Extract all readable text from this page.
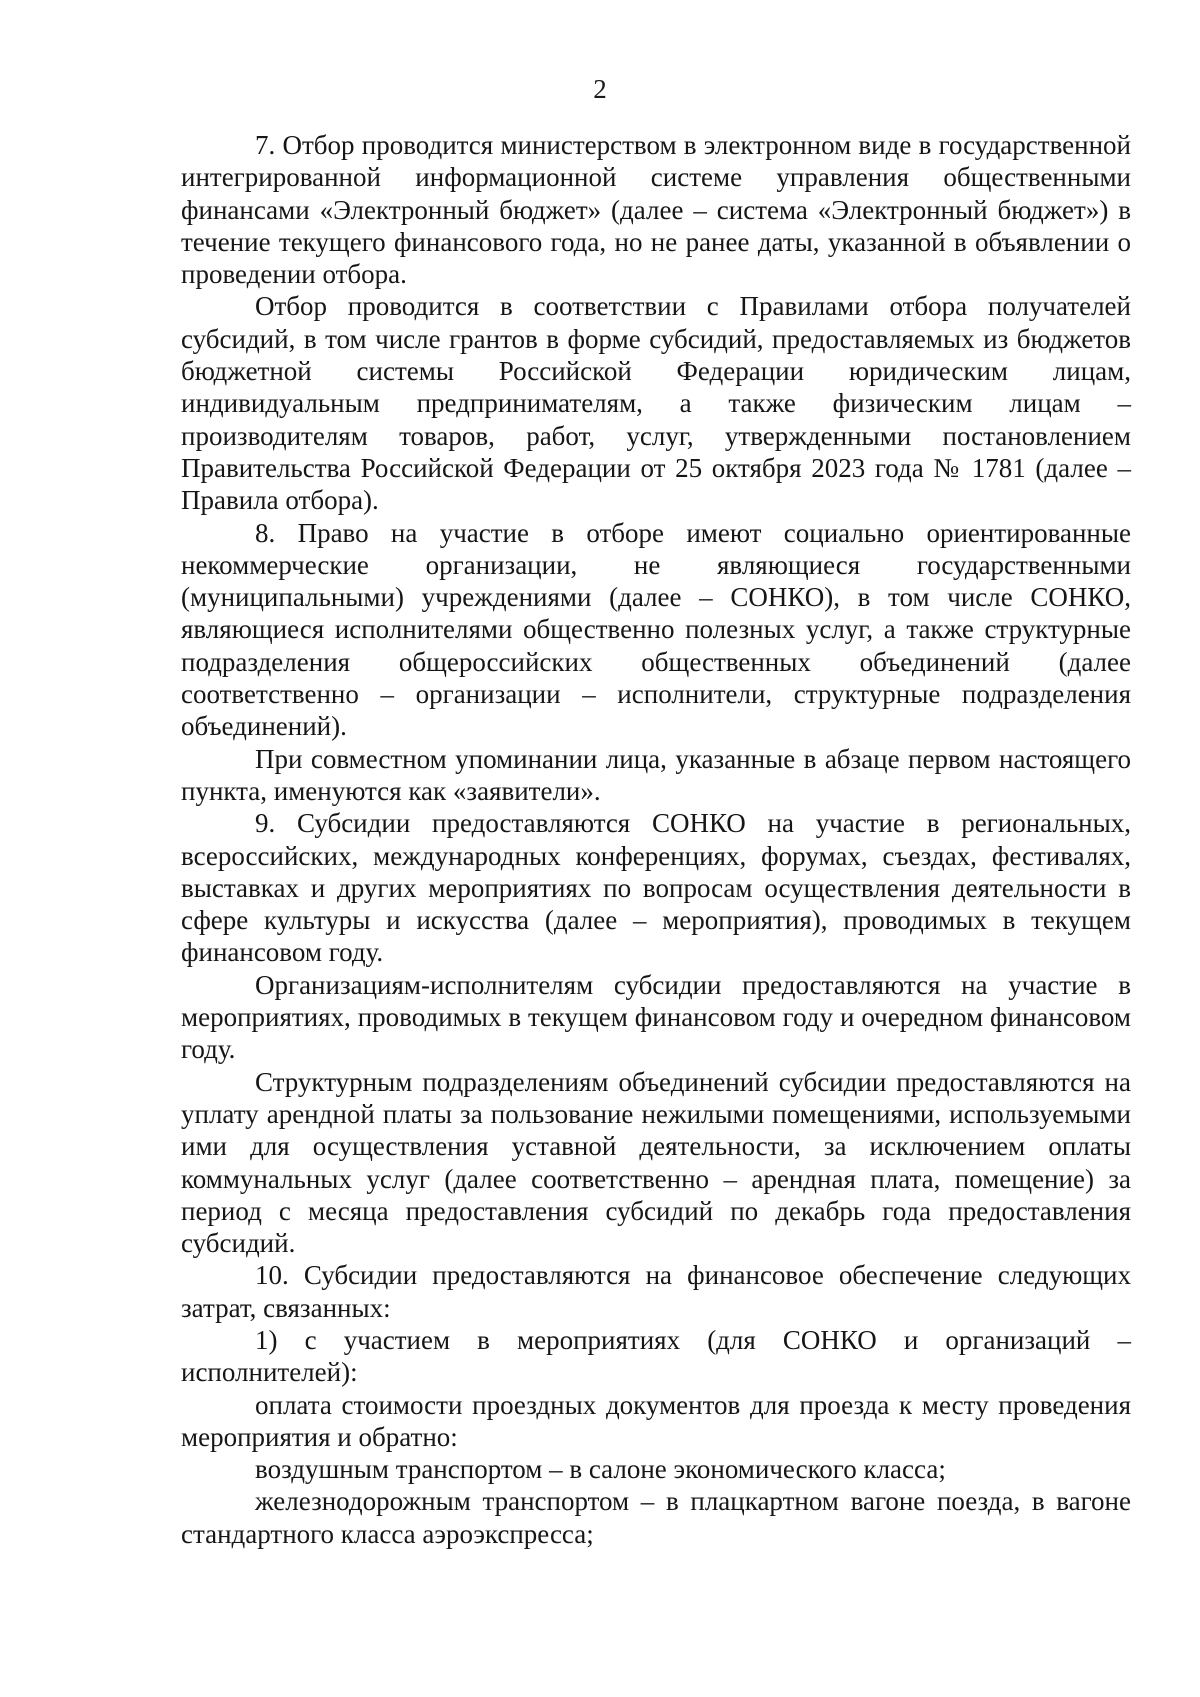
2

7. Отбор проводится министерством в электронном виде в государственной интегрированной информационной системе управления общественными финансами «Электронный бюджет» (далее – система «Электронный бюджет») в течение текущего финансового года, но не ранее даты, указанной в объявлении о проведении отбора.

Отбор проводится в соответствии с Правилами отбора получателей субсидий, в том числе грантов в форме субсидий, предоставляемых из бюджетов бюджетной системы Российской Федерации юридическим лицам, индивидуальным предпринимателям, а также физическим лицам – производителям товаров, работ, услуг, утвержденными постановлением Правительства Российской Федерации от 25 октября 2023 года № 1781 (далее – Правила отбора).

8. Право на участие в отборе имеют социально ориентированные некоммерческие организации, не являющиеся государственными (муниципальными) учреждениями (далее – СОНКО), в том числе СОНКО, являющиеся исполнителями общественно полезных услуг, а также структурные подразделения общероссийских общественных объединений (далее соответственно – организации – исполнители, структурные подразделения объединений).

При совместном упоминании лица, указанные в абзаце первом настоящего пункта, именуются как «заявители».

9. Субсидии предоставляются СОНКО на участие в региональных, всероссийских, международных конференциях, форумах, съездах, фестивалях, выставках и других мероприятиях по вопросам осуществления деятельности в сфере культуры и искусства (далее – мероприятия), проводимых в текущем финансовом году.

Организациям-исполнителям субсидии предоставляются на участие в мероприятиях, проводимых в текущем финансовом году и очередном финансовом году.

Структурным подразделениям объединений субсидии предоставляются на уплату арендной платы за пользование нежилыми помещениями, используемыми ими для осуществления уставной деятельности, за исключением оплаты коммунальных услуг (далее соответственно – арендная плата, помещение) за период с месяца предоставления субсидий по декабрь года предоставления субсидий.

10. Субсидии предоставляются на финансовое обеспечение следующих затрат, связанных:

1) с участием в мероприятиях (для СОНКО и организаций – исполнителей):

оплата стоимости проездных документов для проезда к месту проведения мероприятия и обратно:

воздушным транспортом – в салоне экономического класса;

железнодорожным транспортом – в плацкартном вагоне поезда, в вагоне стандартного класса аэроэкспресса;
